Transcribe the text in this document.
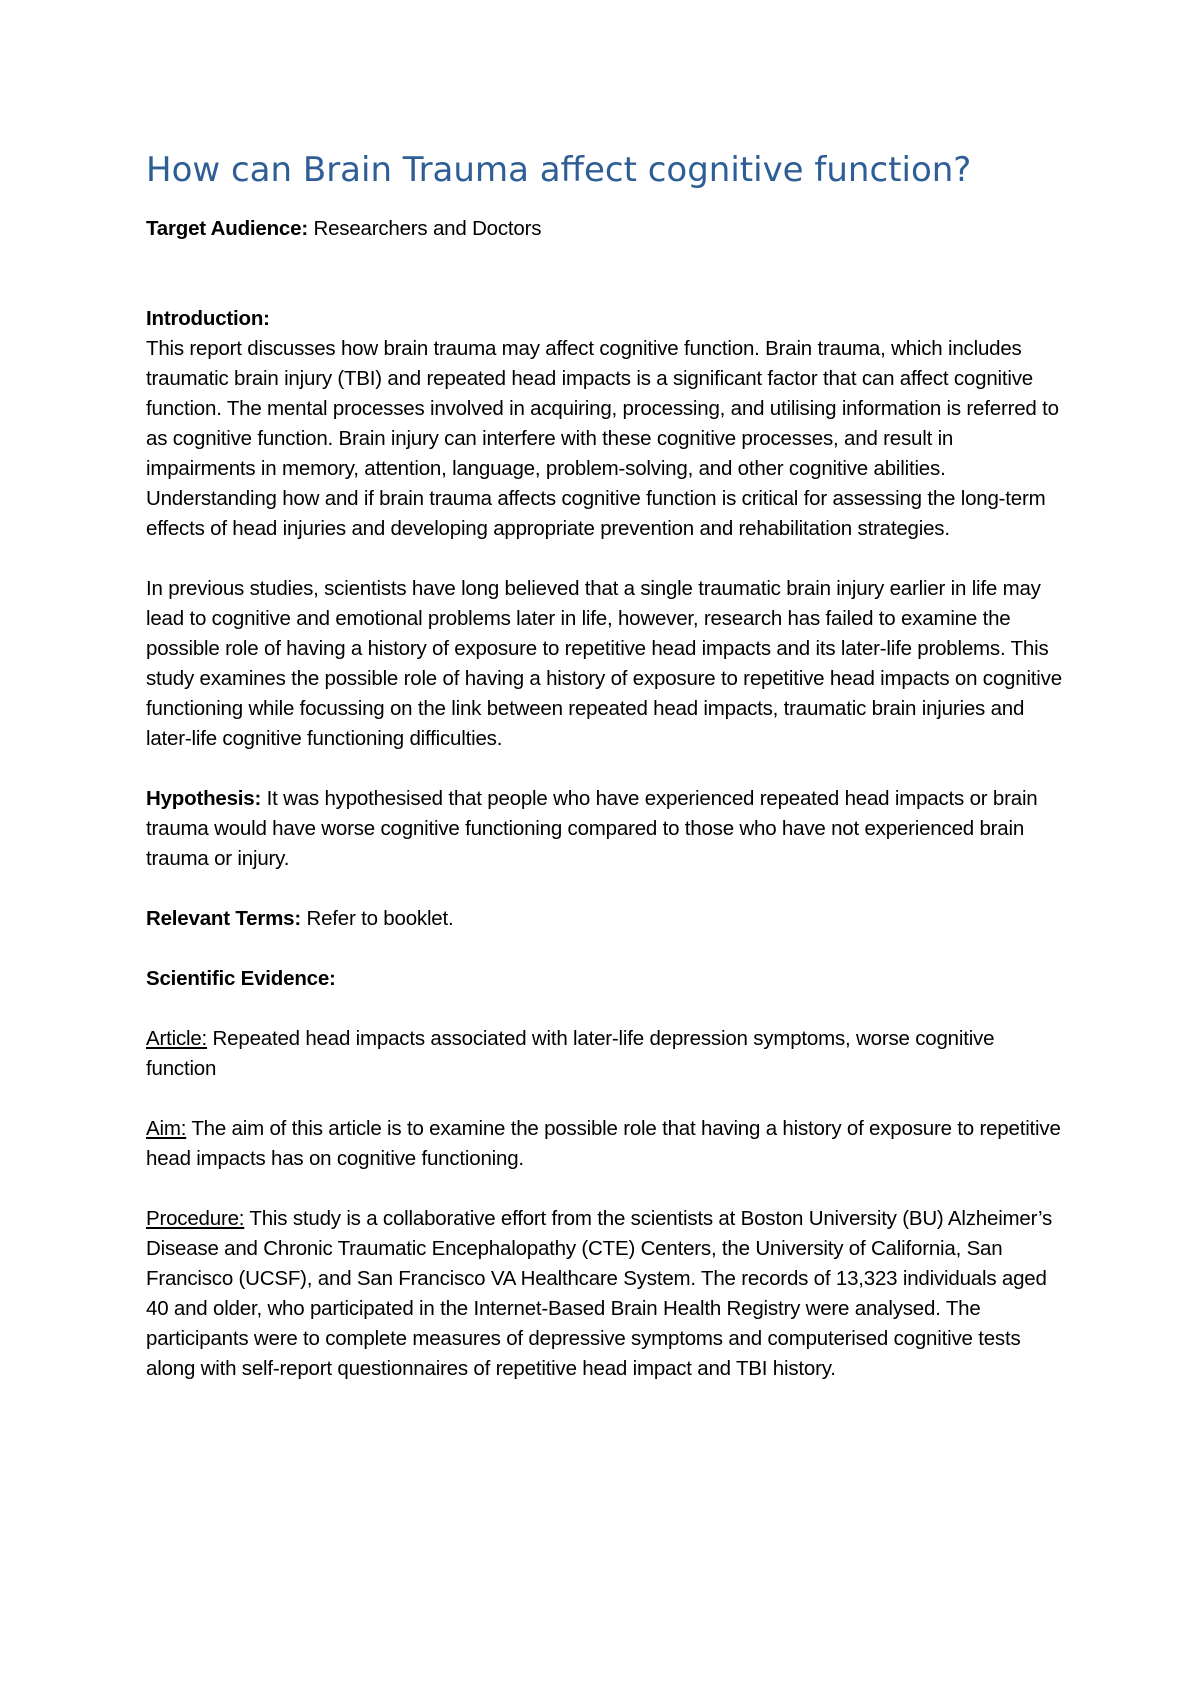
How can Brain Trauma affect cognitive function?

Target Audience: Researchers and Doctors

Introduction:

This report discusses how brain trauma may affect cognitive function. Brain trauma, which includes traumatic brain injury (TBI) and repeated head impacts is a significant factor that can affect cognitive function. The mental processes involved in acquiring, processing, and utilising information is referred to as cognitive function. Brain injury can interfere with these cognitive processes, and result in impairments in memory, attention, language, problem-solving, and other cognitive abilities. Understanding how and if brain trauma affects cognitive function is critical for assessing the long-term effects of head injuries and developing appropriate prevention and rehabilitation strategies.

In previous studies, scientists have long believed that a single traumatic brain injury earlier in life may lead to cognitive and emotional problems later in life, however, research has failed to examine the possible role of having a history of exposure to repetitive head impacts and its later-life problems. This study examines the possible role of having a history of exposure to repetitive head impacts on cognitive functioning while focussing on the link between repeated head impacts, traumatic brain injuries and later-life cognitive functioning difficulties.

Hypothesis: It was hypothesised that people who have experienced repeated head impacts or brain trauma would have worse cognitive functioning compared to those who have not experienced brain trauma or injury.

Relevant Terms: Refer to booklet.

Scientific Evidence:

Article: Repeated head impacts associated with later-life depression symptoms, worse cognitive function

Aim: The aim of this article is to examine the possible role that having a history of exposure to repetitive head impacts has on cognitive functioning.

Procedure: This study is a collaborative effort from the scientists at Boston University (BU) Alzheimer’s Disease and Chronic Traumatic Encephalopathy (CTE) Centers, the University of California, San Francisco (UCSF), and San Francisco VA Healthcare System. The records of 13,323 individuals aged 40 and older, who participated in the Internet-Based Brain Health Registry were analysed. The participants were to complete measures of depressive symptoms and computerised cognitive tests along with self-report questionnaires of repetitive head impact and TBI history.
